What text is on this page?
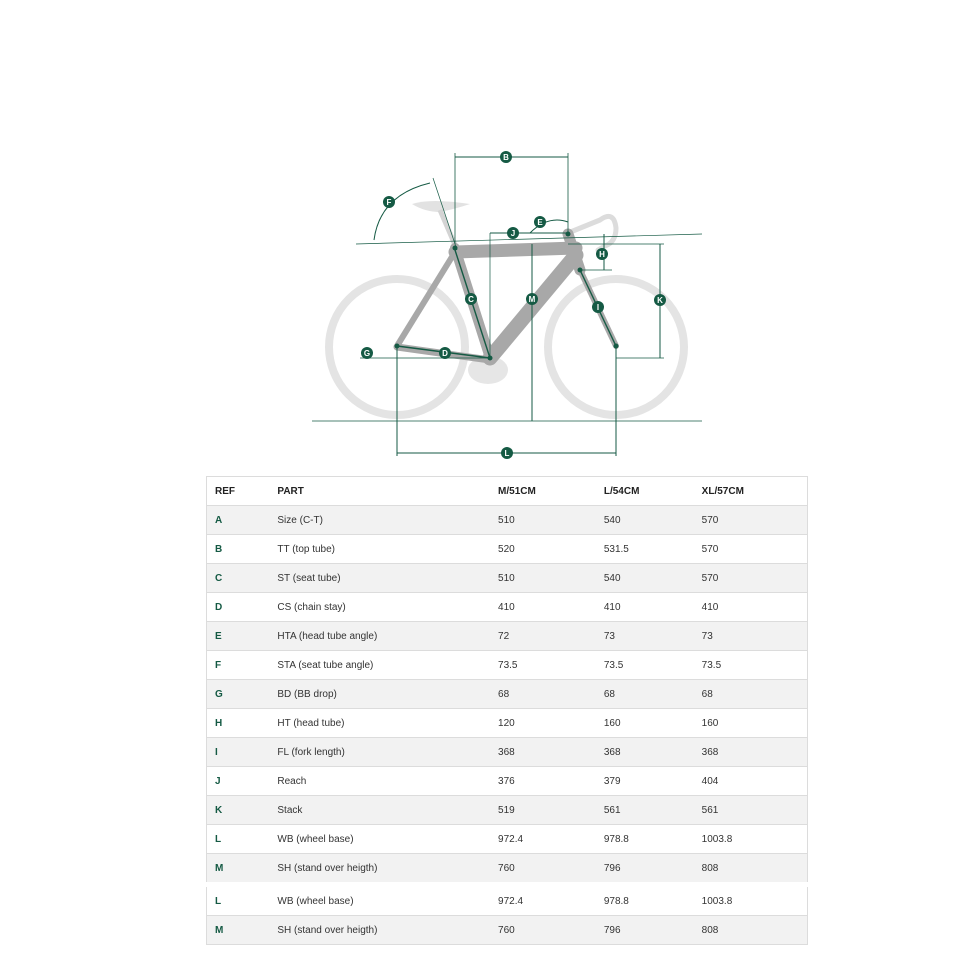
B
F
E
J
H
C	M	K
I
G	D
L
REF	PART	M/51CM	L/54CM	XL/57CM
A	Size (C-T)	510	540	570
B	TT (top tube)	520	531.5	570
C	ST (seat tube)	510	540	570
D	CS (chain stay)	410	410	410
E	HTA (head tube angle)	72	73	73
F	STA (seat tube angle)	73.5	73.5	73.5
G	BD (BB drop)	68	68	68
H	HT (head tube)	120	160	160
I	FL (fork length)	368	368	368
J	Reach	376	379	404
K	Stack	519	561	561
L	WB (wheel base)	972.4	978.8	1003.8
M	SH (stand over heigth)	760	796	808
L	WB (wheel base)	972.4	978.8	1003.8
M	SH (stand over heigth)	760	796	808
